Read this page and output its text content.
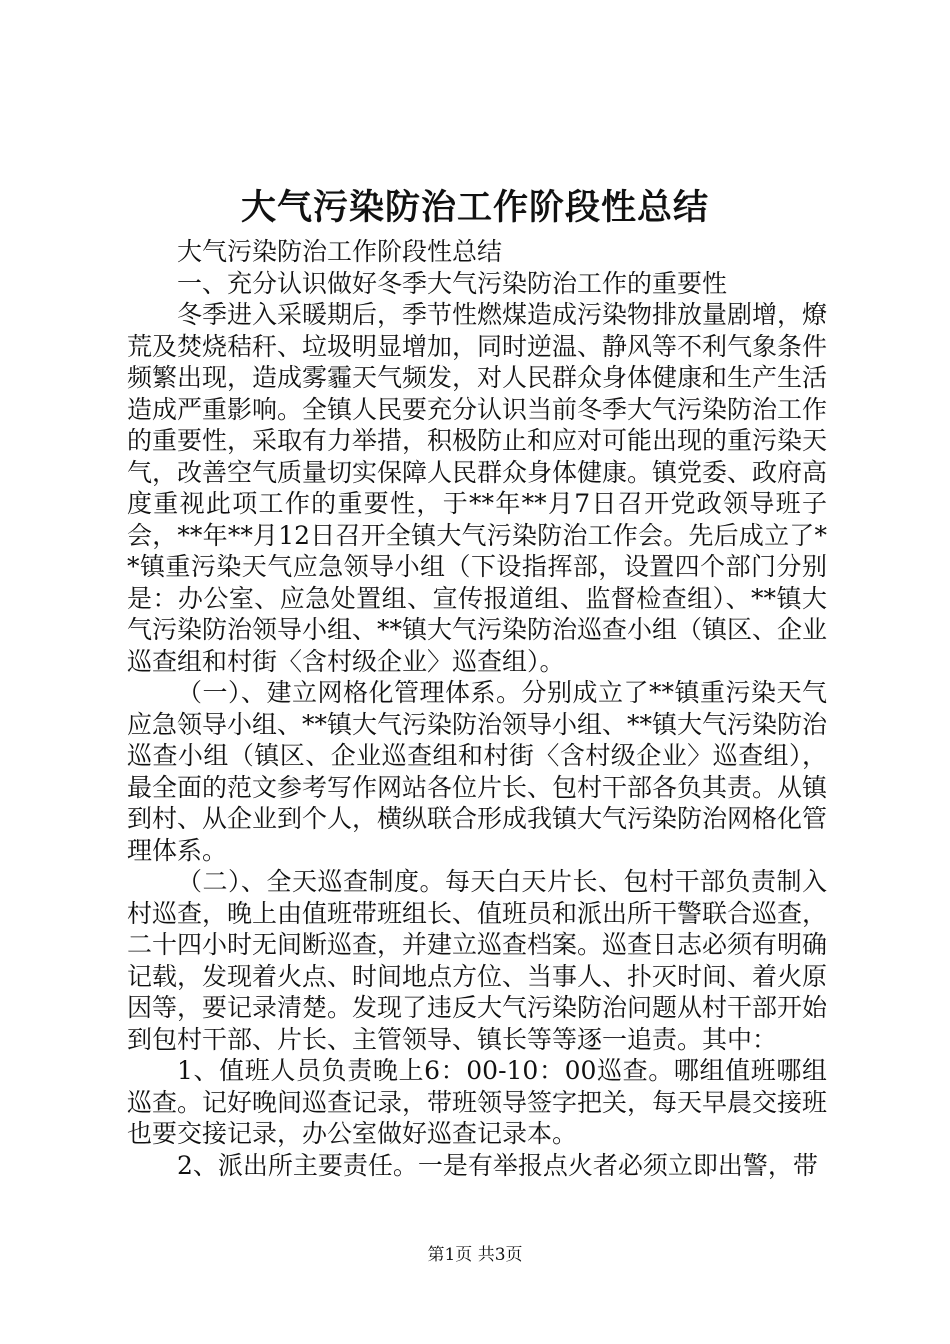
大气污染防治工作阶段性总结

大气污染防治工作阶段性总结

一、充分认识做好冬季大气污染防治工作的重要性

冬季进入采暖期后，季节性燃煤造成污染物排放量剧增，燎荒及焚烧秸秆、垃圾明显增加，同时逆温、静风等不利气象条件频繁出现，造成雾霾天气频发，对人民群众身体健康和生产生活造成严重影响。全镇人民要充分认识当前冬季大气污染防治工作的重要性，采取有力举措，积极防止和应对可能出现的重污染天气，改善空气质量切实保障人民群众身体健康。镇党委、政府高度重视此项工作的重要性，于**年**月7日召开党政领导班子会，**年**月12日召开全镇大气污染防治工作会。先后成立了**镇重污染天气应急领导小组（下设指挥部，设置四个部门分别是：办公室、应急处置组、宣传报道组、监督检查组）、**镇大气污染防治领导小组、**镇大气污染防治巡查小组（镇区、企业巡查组和村街〈含村级企业〉巡查组）。

（一）、建立网格化管理体系。分别成立了**镇重污染天气应急领导小组、**镇大气污染防治领导小组、**镇大气污染防治巡查小组（镇区、企业巡查组和村街〈含村级企业〉巡查组），最全面的范文参考写作网站各位片长、包村干部各负其责。从镇到村、从企业到个人，横纵联合形成我镇大气污染防治网格化管理体系。

（二）、全天巡查制度。每天白天片长、包村干部负责制入村巡查，晚上由值班带班组长、值班员和派出所干警联合巡查，二十四小时无间断巡查，并建立巡查档案。巡查日志必须有明确记载，发现着火点、时间地点方位、当事人、扑灭时间、着火原因等，要记录清楚。发现了违反大气污染防治问题从村干部开始到包村干部、片长、主管领导、镇长等等逐一追责。其中：

1、值班人员负责晚上6：00-10：00巡查。哪组值班哪组巡查。记好晚间巡查记录，带班领导签字把关，每天早晨交接班也要交接记录，办公室做好巡查记录本。

2、派出所主要责任。一是有举报点火者必须立即出警，带

第1页 共3页
